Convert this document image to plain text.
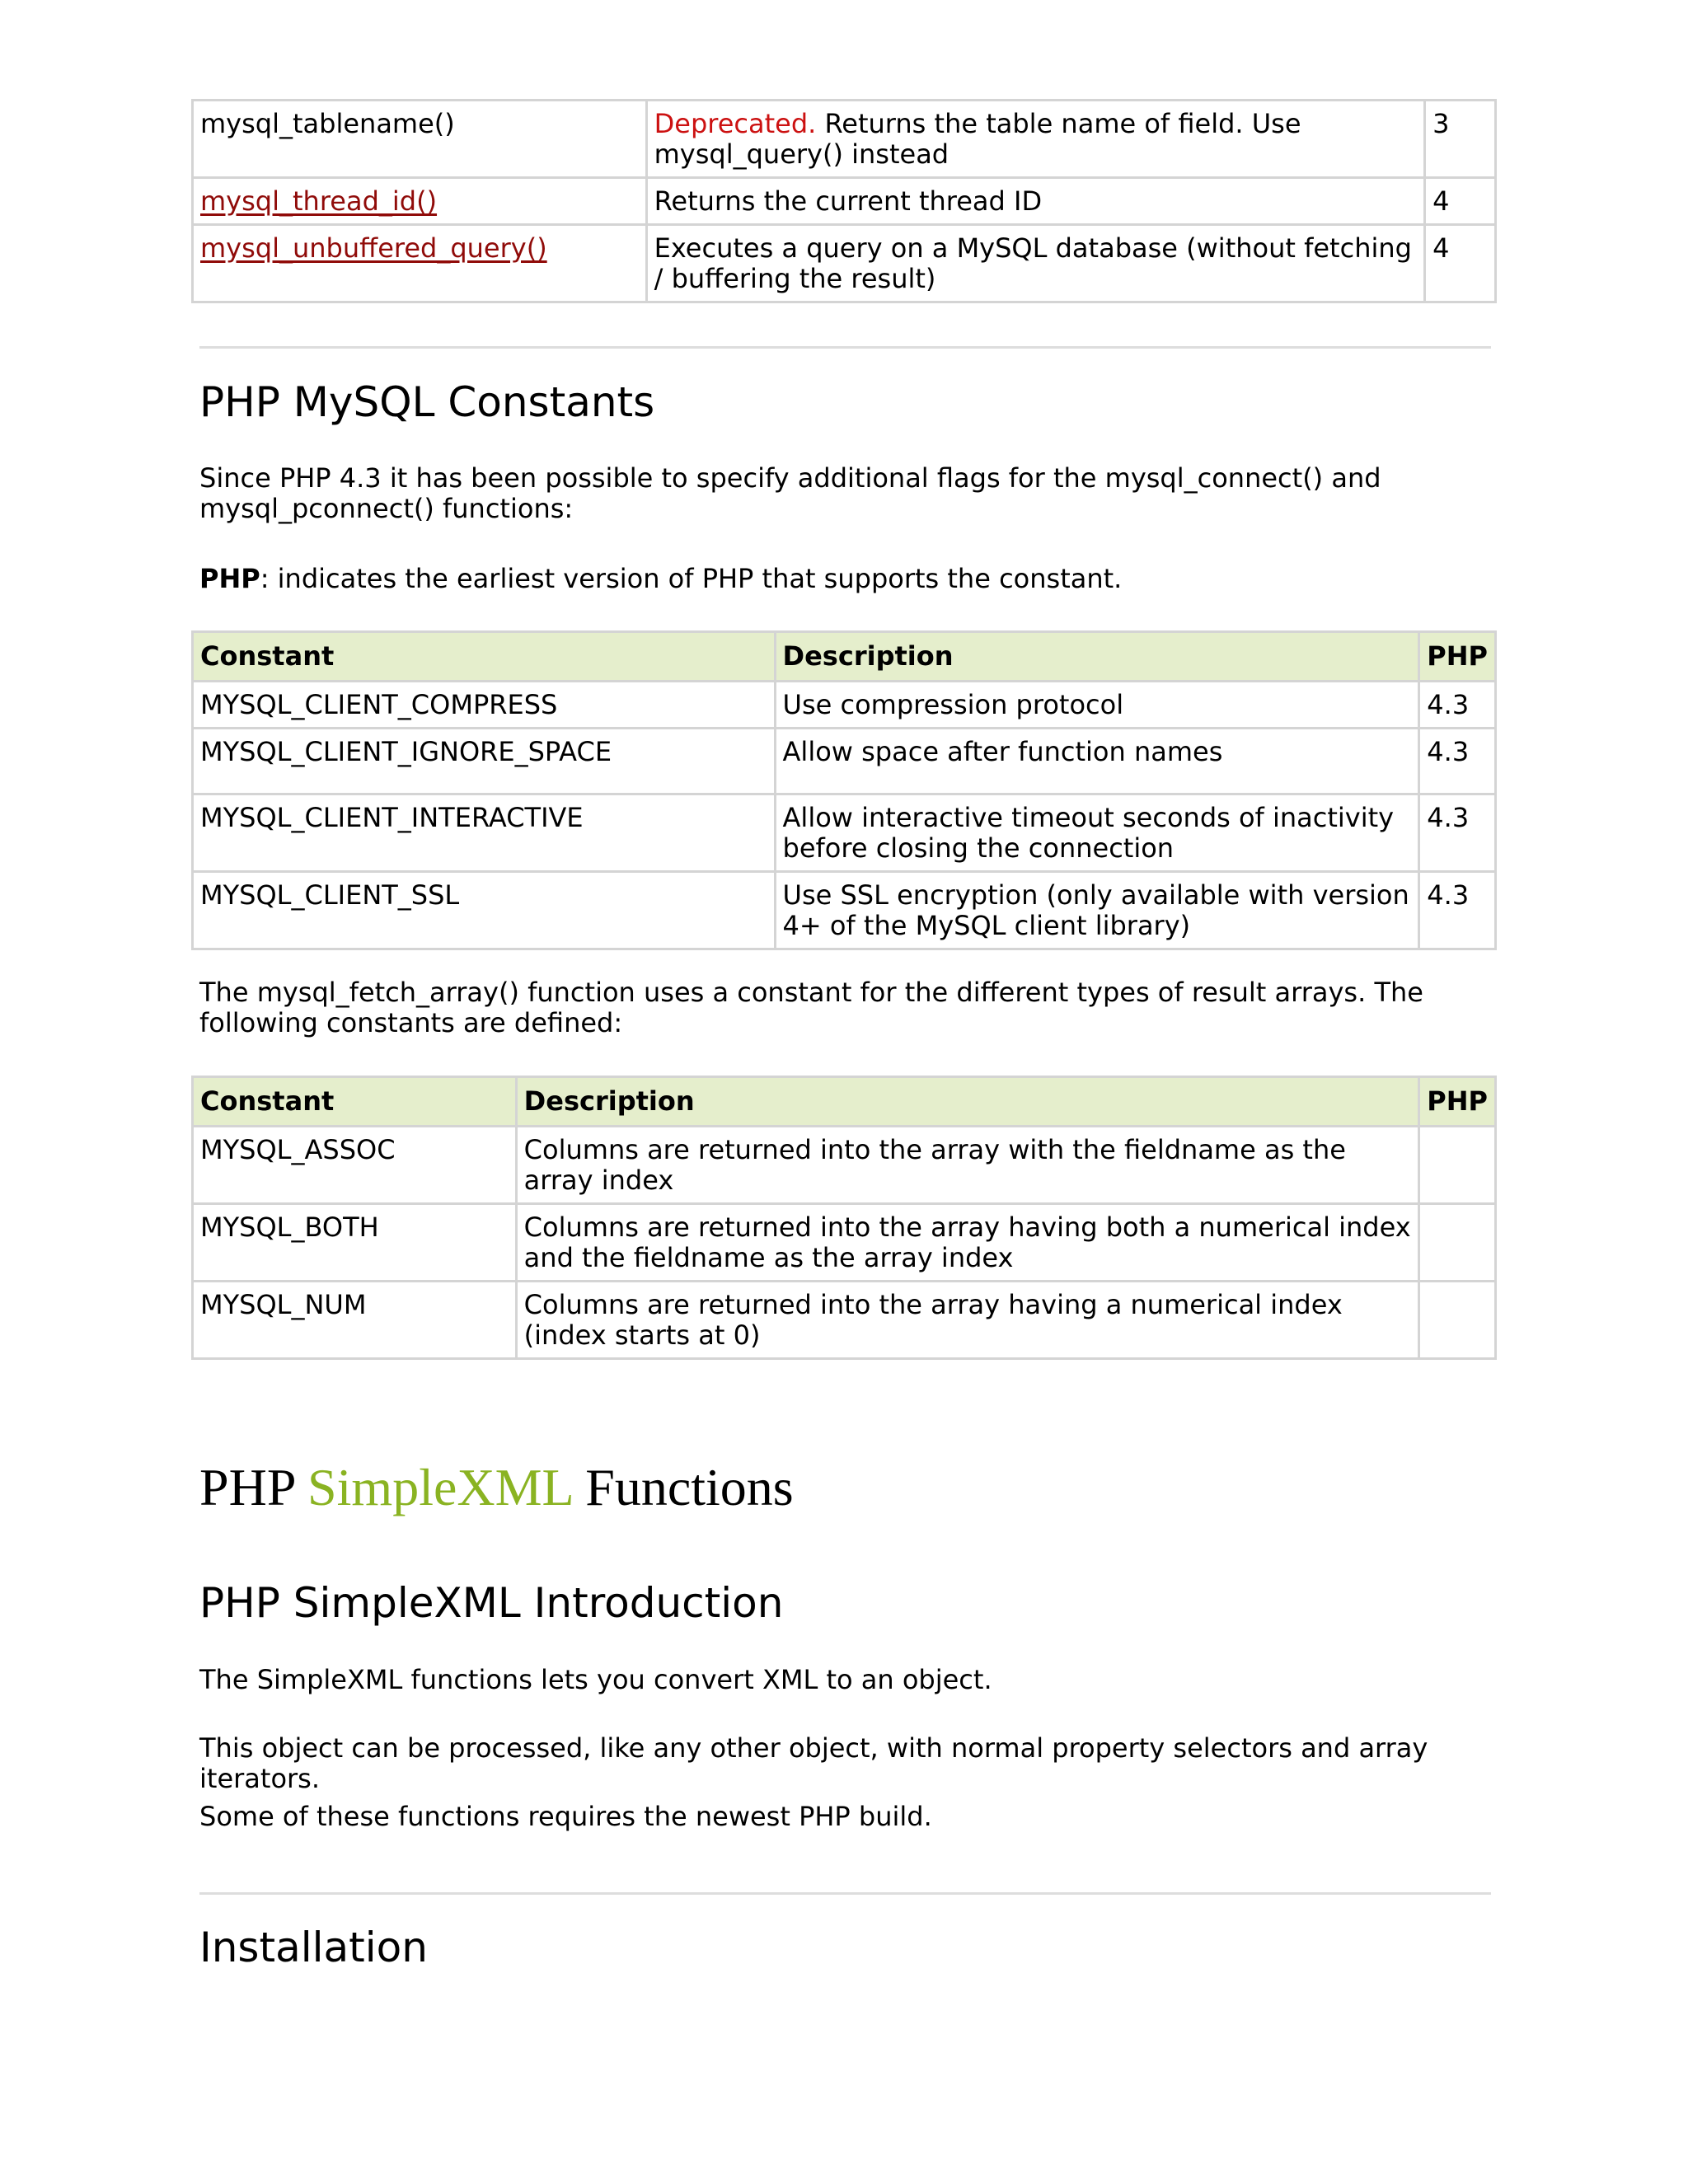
mysql_tablename()	Deprecated. Returns the table name of field. Use mysql_query() instead	3
mysql_thread_id()	Returns the current thread ID	4
mysql_unbuffered_query()	Executes a query on a MySQL database (without fetching / buffering the result)	4
PHP MySQL Constants
Since PHP 4.3 it has been possible to specify additional flags for the mysql_connect() and mysql_pconnect() functions:
PHP: indicates the earliest version of PHP that supports the constant.
Constant	Description	PHP
MYSQL_CLIENT_COMPRESS	Use compression protocol	4.3
MYSQL_CLIENT_IGNORE_SPACE	Allow space after function names	4.3
MYSQL_CLIENT_INTERACTIVE	Allow interactive timeout seconds of inactivity before closing the connection	4.3
MYSQL_CLIENT_SSL	Use SSL encryption (only available with version 4+ of the MySQL client library)	4.3
The mysql_fetch_array() function uses a constant for the different types of result arrays. The following constants are defined:
Constant	Description	PHP
MYSQL_ASSOC	Columns are returned into the array with the fieldname as the array index	
MYSQL_BOTH	Columns are returned into the array having both a numerical index and the fieldname as the array index	
MYSQL_NUM	Columns are returned into the array having a numerical index (index starts at 0)	
PHP SimpleXML Functions
PHP SimpleXML Introduction
The SimpleXML functions lets you convert XML to an object.
This object can be processed, like any other object, with normal property selectors and array iterators.
Some of these functions requires the newest PHP build.
Installation
